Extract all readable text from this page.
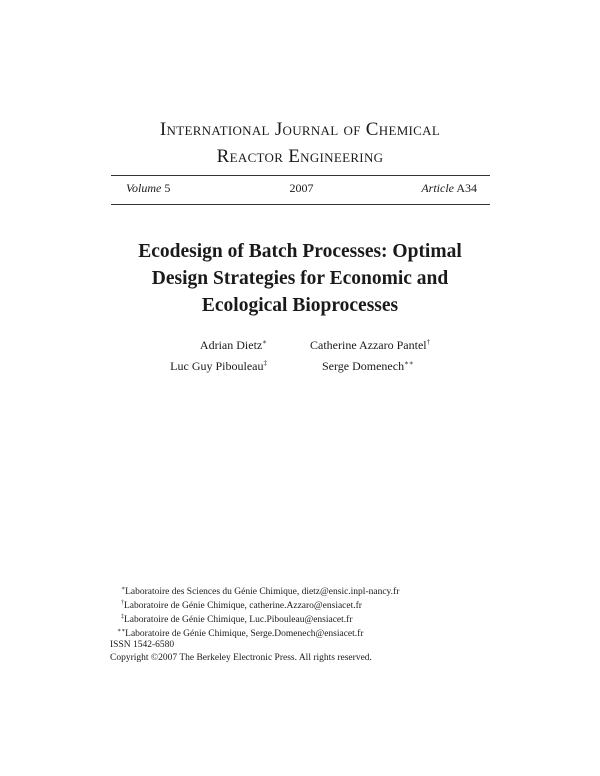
International Journal of Chemical
Reactor Engineering
Volume 5	2007	Article A34
Ecodesign of Batch Processes: Optimal
Design Strategies for Economic and
Ecological Bioprocesses
Adrian Dietz∗	Catherine Azzaro Pantel†
Luc Guy Pibouleau‡	Serge Domenech∗∗
∗Laboratoire des Sciences du Génie Chimique, dietz@ensic.inpl-nancy.fr
†Laboratoire de Génie Chimique, catherine.Azzaro@ensiacet.fr
‡Laboratoire de Génie Chimique, Luc.Pibouleau@ensiacet.fr
∗∗Laboratoire de Génie Chimique, Serge.Domenech@ensiacet.fr
ISSN 1542-6580
Copyright ©2007 The Berkeley Electronic Press. All rights reserved.
